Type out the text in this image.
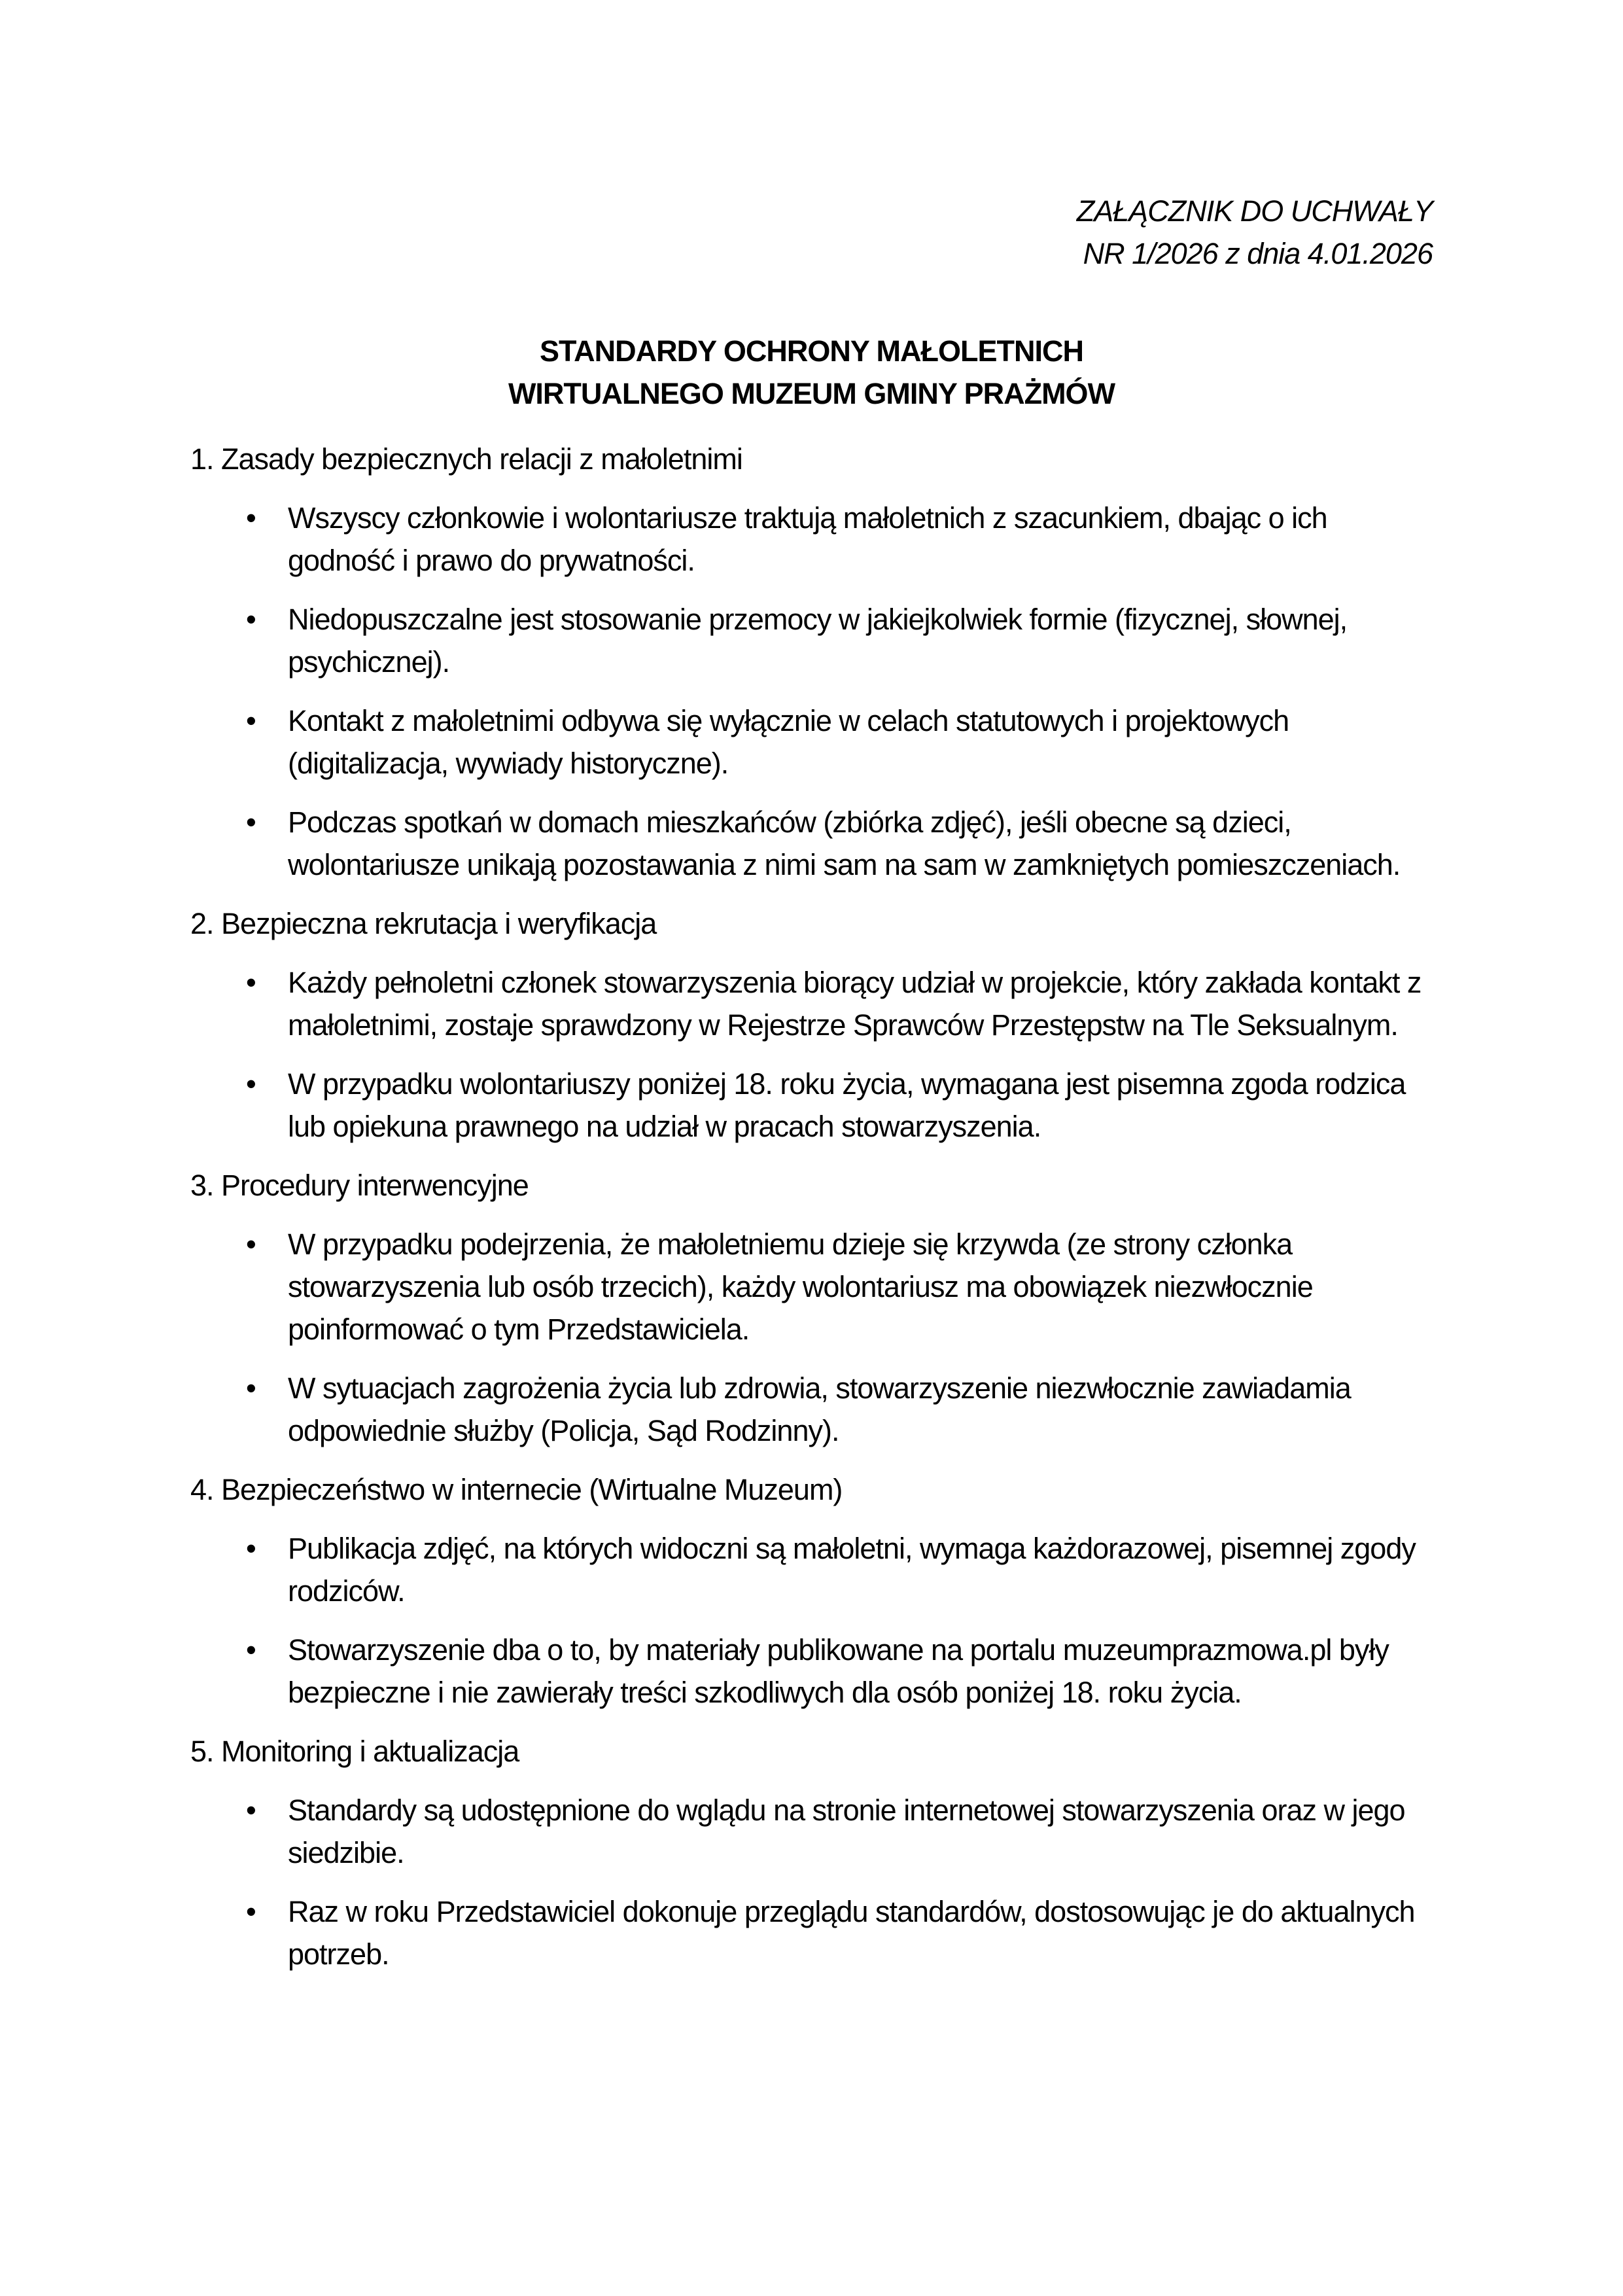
ZAŁĄCZNIK DO UCHWAŁY
NR 1/2026 z dnia 4.01.2026
STANDARDY OCHRONY MAŁOLETNICH
WIRTUALNEGO MUZEUM GMINY PRAŻMÓW

1. Zasady bezpiecznych relacji z małoletnimi

• Wszyscy członkowie i wolontariusze traktują małoletnich z szacunkiem, dbając o ich godność i prawo do prywatności.
• Niedopuszczalne jest stosowanie przemocy w jakiejkolwiek formie (fizycznej, słownej, psychicznej).
• Kontakt z małoletnimi odbywa się wyłącznie w celach statutowych i projektowych (digitalizacja, wywiady historyczne).
• Podczas spotkań w domach mieszkańców (zbiórka zdjęć), jeśli obecne są dzieci, wolontariusze unikają pozostawania z nimi sam na sam w zamkniętych pomieszczeniach.

2. Bezpieczna rekrutacja i weryfikacja

• Każdy pełnoletni członek stowarzyszenia biorący udział w projekcie, który zakłada kontakt z małoletnimi, zostaje sprawdzony w Rejestrze Sprawców Przestępstw na Tle Seksualnym.
• W przypadku wolontariuszy poniżej 18. roku życia, wymagana jest pisemna zgoda rodzica lub opiekuna prawnego na udział w pracach stowarzyszenia.

3. Procedury interwencyjne

• W przypadku podejrzenia, że małoletniemu dzieje się krzywda (ze strony członka stowarzyszenia lub osób trzecich), każdy wolontariusz ma obowiązek niezwłocznie poinformować o tym Przedstawiciela.
• W sytuacjach zagrożenia życia lub zdrowia, stowarzyszenie niezwłocznie zawiadamia odpowiednie służby (Policja, Sąd Rodzinny).

4. Bezpieczeństwo w internecie (Wirtualne Muzeum)

• Publikacja zdjęć, na których widoczni są małoletni, wymaga każdorazowej, pisemnej zgody rodziców.
• Stowarzyszenie dba o to, by materiały publikowane na portalu muzeumprazmowa.pl były bezpieczne i nie zawierały treści szkodliwych dla osób poniżej 18. roku życia.

5. Monitoring i aktualizacja

• Standardy są udostępnione do wglądu na stronie internetowej stowarzyszenia oraz w jego siedzibie.
• Raz w roku Przedstawiciel dokonuje przeglądu standardów, dostosowując je do aktualnych potrzeb.
